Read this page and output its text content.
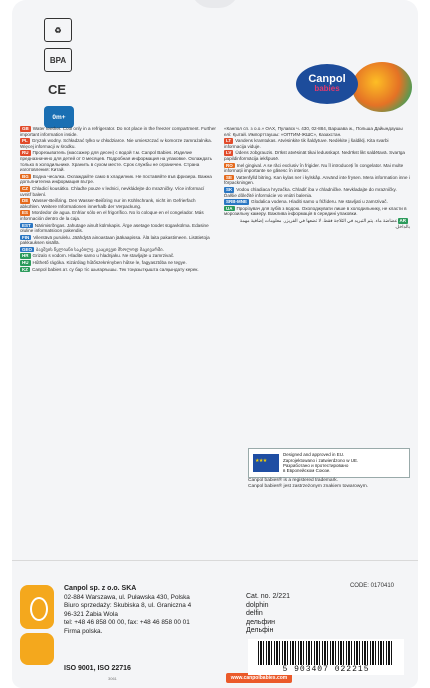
♻
BPA
CE
0m+
Canpol
babies
GB Water teether. Cool only in a refrigerator. Do not place in the freezer compartment. Further important information inside.
PL Gryzak wodny. Schładzać tylko w chłodziarce. Nie umieszczać w komorze zamrażalnika. Więcej informacji w środku.
RU Прорезыватель (массажер для десен) с водой т.м. Canpol Babies. Изделие предназначено для детей от 0 месяцев. Подробная информация на упаковке. Охлаждать только в холодильнике. Хранить в сухом месте. Срок службы не ограничен. Страна изготовления: Китай.
BG Водна чесалка. Охлаждайте само в хладилник. Не поставяйте във фризера. Важна допълнителна информация вътре.
CZ Chladicí kousátko. Chlaďte pouze v lednici, nevkládejte do mrazničky. Více informací uvnitř balení.
DE Wasser-Beißring. Den Wasser-Beißring nur im Kühlschrank, nicht im Gefrierfach abkühlen. Weitere Informationen innerhalb der Verpackung.
ES Mordedor de agua. Enfriar sólo en el frigorífico. No lo coloque en el congelador. Más información dentro de la caja.
EST Närimisrõngas. Jahutage ainult külmkapis. Ärge asetage toodet sügavkülma. Edasine oluline informatsioon pakendis.
FIN Vilentävä purulelu. Jäähdytä ainoastaan jääkaapissa. Älä laita pakastimeen. Lisätietoja pakkauksen sisällä.
GEO ბავშვის წყლიანი საკბილე. გააცივეთ მხოლოდ მაცივარში.
HR Grizalo s vodom. Hladite samo u hladnjaku. Ne stavljajte u zamrzivač.
HU Hűthető rágóka. Kizárólag hűtőszekrényben hűtse le, fagyasztóba ne tegye.
KZ Canpol babies ат. су бар тіс шығарғышы. Тек тоңазытқышта салқындату керек.
«Канпол сп. з о.о.» ОАХ, Пулавск ч. 430, 02-884, Варшава ж., Польша Дайындаушы елі: Қытай. Импорттаушы: «ОПТИМ-ЖШС», Казахстан.
LT Vandens kramtukas. Atvėsinkite tik šaldytuve. Nedėkite į šaldiklį. Kita svarbi informacija viduje.
LV Ūdens zobgrauzis. Drīkst atvēsināt tikai ledusskapī. Nedrīkst likt saldētavā. Svarīga papildinformācija iekšpusē.
RO Inel gingival. A se răci exclusiv în frigider. Nu îl introduceți în congelator. Mai multe informații importante se găsesc în interior.
SE Vattenfylld bitring. Kan kylas ner i kylskåp. Använd inte frysen. Mera information inne i förpackningen.
SK Vodou chladiaca hryzačka. Chladiť iba v chladničke. Nevkladajte do mrazničky. Ďalšie dôležité informácie vo vnútri balenia.
SRB-MNE Glodalica vodena. Hladiti samo u frižideru. Ne stavljati u zamrzivač.
UA Прорізувач для зубів з водою. Охолоджувати лише в холодильнику, не класти в морозильну камеру. Важлива інформація в середині упаковки.
ARعضاضة ماء. يتم التبريد في الثلاجة فقط. لا تضعها في الفريزر. معلومات إضافية مهمة بالداخل.
★ ★ ★
Designed and approved in EU.
Zaprojektowano i zatwierdzono w UE.
Разработано и протестировано
в Европейском Союзе.
Canpol babies® is a registered trademark.
Canpol babies® jest zastrzeżonym znakiem towarowym.
Canpol sp. z o.o. SKA
02-884 Warszawa, ul. Puławska 430, Polska
Biuro sprzedaży: Skubiska 8, ul. Graniczna 4
96-321 Żabia Wola
tel: +48 46 858 00 00, fax: +48 46 858 00 01
Firma polska.
ISO 9001, ISO 22716
www.canpolbabies.com
CODE: 0170410
Cat. no. 2/221
dolphin
delfin
дельфин
Дельфін
5 903407 022215
3061
